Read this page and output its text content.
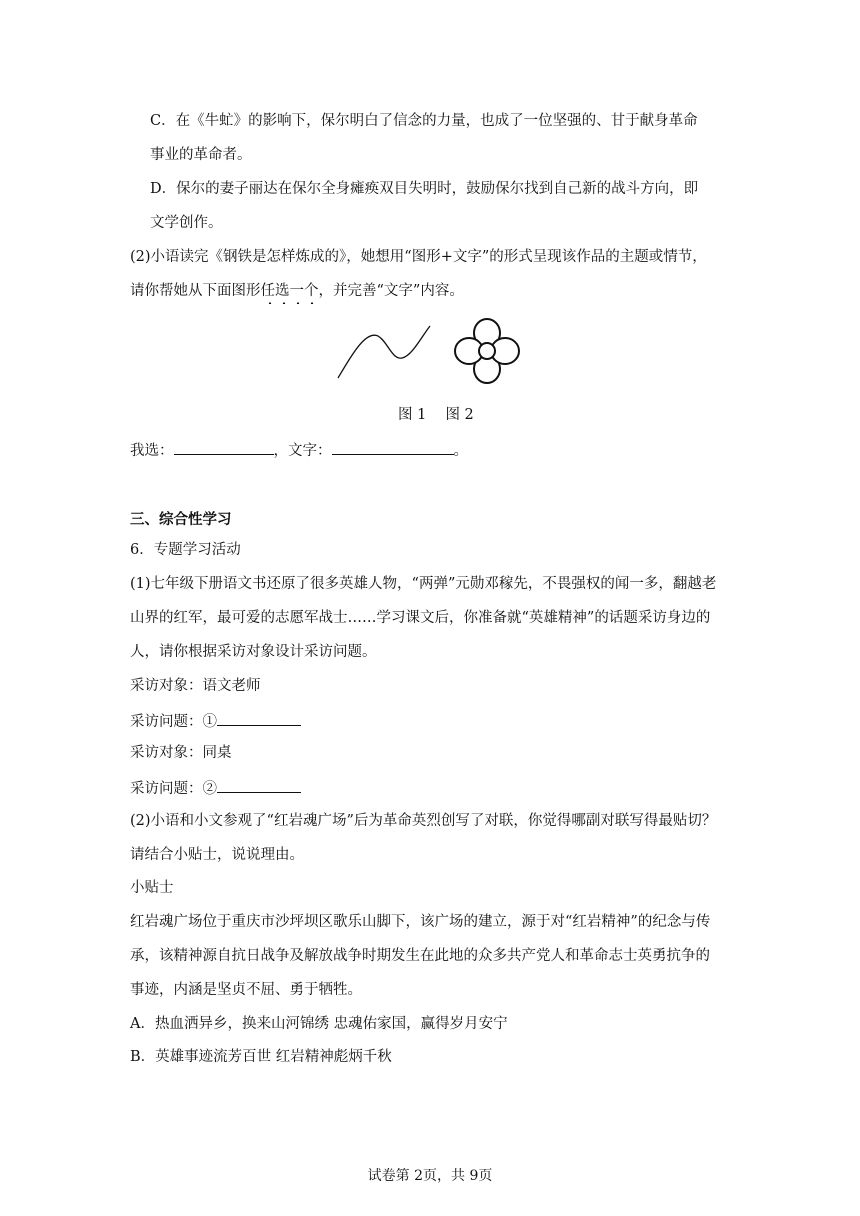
C．在《牛虻》的影响下，保尔明白了信念的力量，也成了一位坚强的、甘于献身革命
事业的革命者。
D．保尔的妻子丽达在保尔全身瘫痪双目失明时，鼓励保尔找到自己新的战斗方向，即
文学创作。
(2)小语读完《钢铁是怎样炼成的》，她想用“图形+文字”的形式呈现该作品的主题或情节，
请你帮她从下面图形任选一个，并完善“文字”内容。
图 1　 图 2
我选：	，文字：	。
三、综合性学习
6．专题学习活动
(1)七年级下册语文书还原了很多英雄人物，“两弹”元勋邓稼先，不畏强权的闻一多，翻越老
山界的红军，最可爱的志愿军战士……学习课文后，你准备就“英雄精神”的话题采访身边的
人，请你根据采访对象设计采访问题。
采访对象：语文老师
采访问题：①
采访对象：同桌
采访问题：②
(2)小语和小文参观了“红岩魂广场”后为革命英烈创写了对联，你觉得哪副对联写得最贴切？
请结合小贴士，说说理由。
小贴士
红岩魂广场位于重庆市沙坪坝区歌乐山脚下，该广场的建立，源于对“红岩精神”的纪念与传
承，该精神源自抗日战争及解放战争时期发生在此地的众多共产党人和革命志士英勇抗争的
事迹，内涵是坚贞不屈、勇于牺牲。
A．热血洒异乡，换来山河锦绣 忠魂佑家国，赢得岁月安宁
B．英雄事迹流芳百世 红岩精神彪炳千秋
试卷第 2页，共 9页
